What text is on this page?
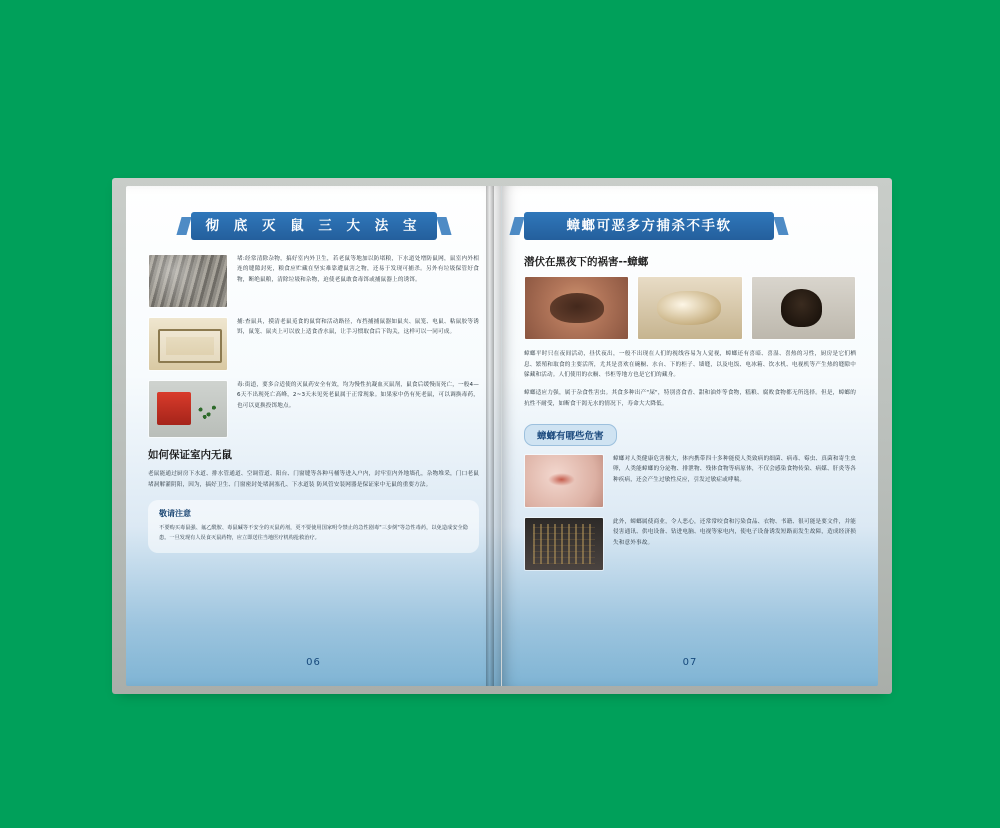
彻 底 灭 鼠 三 大 法 宝
堵:经常清除杂物，搞好室内外卫生，若老鼠等地加以防堵粮，下水道处增防鼠网，鼠室内外相连的缝隙封死，粮食应贮藏在坚实难靠遭鼠害之物，还易于发现可捕杀。另外有垃圾保管好食物，断绝鼠粮，清除垃圾和杂物，迫使老鼠敢食毒饵或捕鼠器上的诱饵。
捕:查鼠具，摸清老鼠觅食的鼠窝和活动路径，布挡捕捕鼠器如鼠夹、鼠笼、电鼠、粘鼠胶等诱饵，鼠笼、鼠夹上可以放上适食香水鼠，让手习惯取食后下钩关，这样可以一同可成。
毒:街道，要多合适使的灭鼠药安全有效，均为慢性抗凝血灭鼠剂，鼠食后缓慢而死亡，一般4—6天不出现死亡高峰，2~3天未见死老鼠属于正常现象。如果家中仍有死老鼠，可以调换毒药，也可以更换投饵地点。
如何保证室内无鼠
老鼠能通过厨房下水道、排水管通道、空调管道、阳台、门窗缝等各种马桶等进入户内，封牢室内外地墙孔，杂物堆采，门口老鼠堵洞解灌阴阳，因为，搞好卫生、门窗密封处堵洞塞孔、下水道装 防风管安装网器是保证家中无鼠的重要方法。
敬请注意
不要购买毒鼠强、氟乙酰胺、毒鼠碱等不安全的灭鼠药剂，更不要使用国家明令禁止的急性剧毒"三步倒"等急性毒药，以免造成安全隐患。一旦发现有人误食灭鼠药物，应立即送往当地医疗机构抢救治疗。
06
蟑螂可恶多方捕杀不手软
潜伏在黑夜下的祸害--蟑螂
蟑螂平时只在夜间活动，昼伏夜出，一般不出现在人们的视线容易为人觉视，蟑螂还有喜暗、喜湿、喜热的习性，厨房是它们栖息、繁殖和取食的主要活所，尤其是喜欢在碗橱、水台、下的柜子、墙缝，以及电饭、电冰箱、饮水机、电视机等产生热的缝隙中躲藏和活动。人们使用的衣橱、书柜等地方也是它们的藏身。
蟑螂适应力强，属于杂食性害虫。其食多种出产"屎"，特别喜食香、甜和油炸等食物，糕粮、腐败食物都无所选择。但是，蟑螂的抗性不耐受，如断食干渴无水的情况下，寿命大大降低。
蟑螂有哪些危害
蟑螂对人类健康危害极大，体内携带四十多种能使人类致病的细菌、病毒、霉虫、真菌和寄生虫卵，人类能蟑螂的分泌物、排泄物、残体食物等病原体，不仅会感染食物传染、病媒、肝炎等各种疾病，还会产生过敏性反应，引发过敏症或哮喘。
此外，蟑螂属使商业，令人恶心，还常常咬食和污染食品、衣物、书籍、很可能是要文件，并能侵害通讯、供电设备、钻进电脑、电视等家电内，使电子设备诱发短路而发生故障，造成经济损失和意外事故。
07
